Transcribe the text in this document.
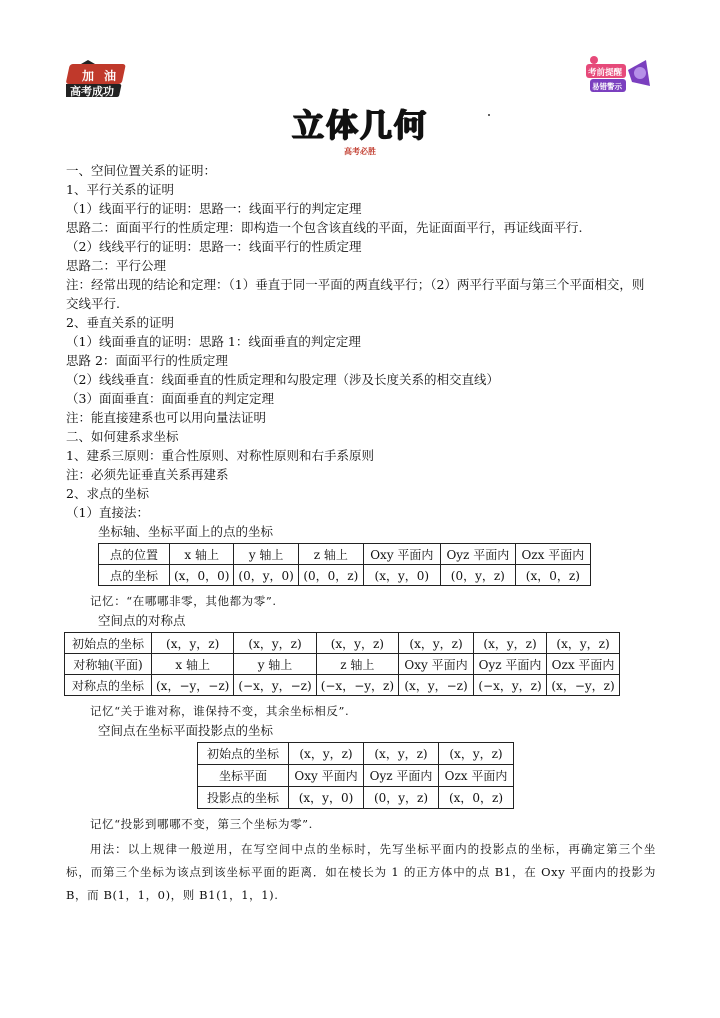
加 油
高考成功
考前提醒
易错警示
立体几何
高考必胜
一、空间位置关系的证明：
1、平行关系的证明
（1）线面平行的证明：思路一：线面平行的判定定理
思路二：面面平行的性质定理：即构造一个包含该直线的平面，先证面面平行，再证线面平行.
（2）线线平行的证明：思路一：线面平行的性质定理
思路二：平行公理
注：经常出现的结论和定理：（1）垂直于同一平面的两直线平行；（2）两平行平面与第三个平面相交，则交线平行.
2、垂直关系的证明
（1）线面垂直的证明：思路 1：线面垂直的判定定理
思路 2：面面平行的性质定理
（2）线线垂直：线面垂直的性质定理和勾股定理（涉及长度关系的相交直线）
（3）面面垂直：面面垂直的判定定理
注：能直接建系也可以用向量法证明
二、如何建系求坐标
1、建系三原则：重合性原则、对称性原则和右手系原则
注：必须先证垂直关系再建系
2、求点的坐标
（1）直接法：
坐标轴、坐标平面上的点的坐标
点的位置	x 轴上	y 轴上	z 轴上	Oxy 平面内	Oyz 平面内	Ozx 平面内
点的坐标	(x，0，0)	(0，y，0)	(0，0，z)	(x，y，0)	(0，y，z)	(x，0，z)
记忆：“在哪哪非零，其他都为零”.
空间点的对称点
初始点的坐标	(x，y，z)	(x，y，z)	(x，y，z)	(x，y，z)	(x，y，z)	(x，y，z)
对称轴(平面)	x 轴上	y 轴上	z 轴上	Oxy 平面内	Oyz 平面内	Ozx 平面内
对称点的坐标	(x，−y，−z)	(−x，y，−z)	(−x，−y，z)	(x，y，−z)	(−x，y，z)	(x，−y，z)
记忆“关于谁对称，谁保持不变，其余坐标相反”.
空间点在坐标平面投影点的坐标
初始点的坐标	(x，y，z)	(x，y，z)	(x，y，z)
坐标平面	Oxy 平面内	Oyz 平面内	Ozx 平面内
投影点的坐标	(x，y，0)	(0，y，z)	(x，0，z)
记忆“投影到哪哪不变，第三个坐标为零”.
用法：以上规律一般逆用，在写空间中点的坐标时，先写坐标平面内的投影点的坐标，再确定第三个坐标，而第三个坐标为该点到该坐标平面的距离．如在棱长为 1 的正方体中的点 B1，在 Oxy 平面内的投影为 B，而 B(1，1，0)，则 B1(1，1，1).
